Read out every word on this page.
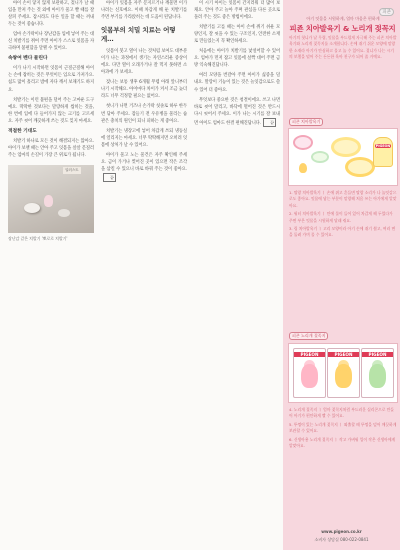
아이 손이 닿지 않게 보관하고, 젖니가 날 때 입을 만져 주는 것 외에 아이가 물고 빨 때를 잘 살펴 주세요. 잠시라도 다른 일을 할 때는 꺼내 두는 것이 좋습니다.

엄마 손가락이나 장난감을 입에 넣어 주는 대신 치발기를 쥐여 주면 아이가 스스로 잇몸을 자극하며 불편함을 달랠 수 있어요.

속쌓여 벤다 물린다

이가 나기 시작하면 잇몸이 근질근질해 아이는 손에 잡히는 것은 무엇이든 입으로 가져가요. 침도 많이 흘리고 밤에 자다 깨서 보채기도 하지요.

치발기는 이런 불편을 덜어 주는 고마운 도구예요. 딱딱한 것보다는 말랑하게 씹히는 것을, 한 번에 입에 다 들어가지 않는 크기를 고르세요. 자주 씻어 깨끗하게 쓰는 것도 잊지 마세요.

적절한 기대도

치발기 하나로 모든 것이 해결되지는 않아요. 아이가 보챌 때는 안아 주고 잇몸을 살살 문질러 주는 엄마의 손길이 가장 큰 위로가 됩니다.

일러스트

장난감 같은 치발기 '뽀로로 치발기'

아이가 잇몸을 자주 문지르거나 깨물면 이가 나려는 신호예요. 이때 차갑게 해 둔 치발기를 주면 부기를 가라앉히는 데 도움이 된답니다.

잇몸부의 치밀 치료는 어떻게…

잇몸이 붓고 열이 나는 것처럼 보여도 대부분 이가 나는 과정에서 생기는 자연스러운 증상이에요. 다만 열이 오래가거나 잘 먹지 못하면 소아과에 가 보세요.

젖니는 보통 생후 6개월 무렵 아래 앞니부터 나기 시작해요. 아이마다 차이가 커서 조금 늦더라도 너무 걱정할 필요는 없어요.

첫니가 나면 거즈나 손가락 칫솔로 하루 한두 번 닦아 주세요. 잠들기 전 우유병을 물리는 습관은 충치의 원인이 되니 피하는 게 좋아요.

치발기는 냉장고에 넣어 차갑게 쓰되 냉동실에 얼리지는 마세요. 너무 딱딱해지면 오히려 잇몸에 상처가 날 수 있어요.

아이가 물고 노는 물건은 자주 확인해 주세요. 금이 가거나 찢어진 곳이 있으면 작은 조각을 삼킬 수 있으니 바로 바꿔 주는 것이 좋아요.끝

이 시기 아이는 잇몸이 간지러워 더 많이 보채요. 안아 주고 놀아 주며 관심을 다른 곳으로 돌려 주는 것도 좋은 방법이에요.

치발기를 고를 때는 아이 손에 쥐기 쉬운 모양인지, 잘 씻을 수 있는 구조인지, 안전한 소재로 만들었는지 꼭 확인하세요.

처음에는 아이가 치발기를 낯설어할 수 있어요. 엄마가 먼저 잡고 잇몸에 살짝 대어 주면 금방 익숙해진답니다.

여러 모양을 번갈아 주면 아이가 싫증을 덜 내요. 딸랑이 기능이 있는 것은 놀잇감으로도 쓸 수 있어 더 좋아요.

무엇보다 중요한 것은 청결이에요. 쓰고 나면 바로 씻어 말리고, 바닥에 떨어진 것은 반드시 다시 씻어서 주세요. 이가 나는 시기를 잘 보내면 아이도 엄마도 한결 편해진답니다. 끝

피죤
아기 잇몸을 시원하게, 엄마 마음은 편하게
피죤 치아발육기 & 노리개 젖꼭지
아기의 첫니가 날 무렵, 잇몸을 부드럽게 자극해 주는 피죤 치아발육기와 노리개 젖꼭지를 소개합니다. 손에 쥐기 쉬운 모양에 말랑한 소재라 아기가 안심하고 물고 놀 수 있어요. 젖니가 나는 시기의 보챔을 덜어 주는 든든한 육아 친구가 되어 줄 거예요.
피죤 치아발육기
PIGEON

1. 딸랑 치아발육기 ㅣ 손에 쥐고 흔들면 딸랑 소리가 나 놀잇감으로도 좋아요. 잇몸에 닿는 부분이 말랑해 처음 쓰는 아기에게 알맞아요.

2. 워터 치아발육기 ㅣ 안에 물이 들어 있어 차갑게 해 두었다가 주면 부은 잇몸을 시원하게 달래 줘요.

3. 링 치아발육기 ㅣ 고리 모양이라 아기 손에 쥐기 쉽고, 여러 면을 돌려 가며 물 수 있어요.

피죤 노리개 젖꼭지
PIGEON	PIGEON	PIGEON

4. 노리개 젖꼭지 ㅣ 엄마 젖꼭지처럼 부드러운 실리콘으로 만들어 아기가 편안하게 빨 수 있어요.

5. 뚜껑이 있는 노리개 젖꼭지 ㅣ 외출할 때 뚜껑을 덮어 깨끗하게 보관할 수 있어요.

6. 신생아용 노리개 젖꼭지 ㅣ 작고 가벼워 입이 작은 신생아에게 알맞아요.

www.pigeon.co.kr
소비자 상담실 080-022-0841
